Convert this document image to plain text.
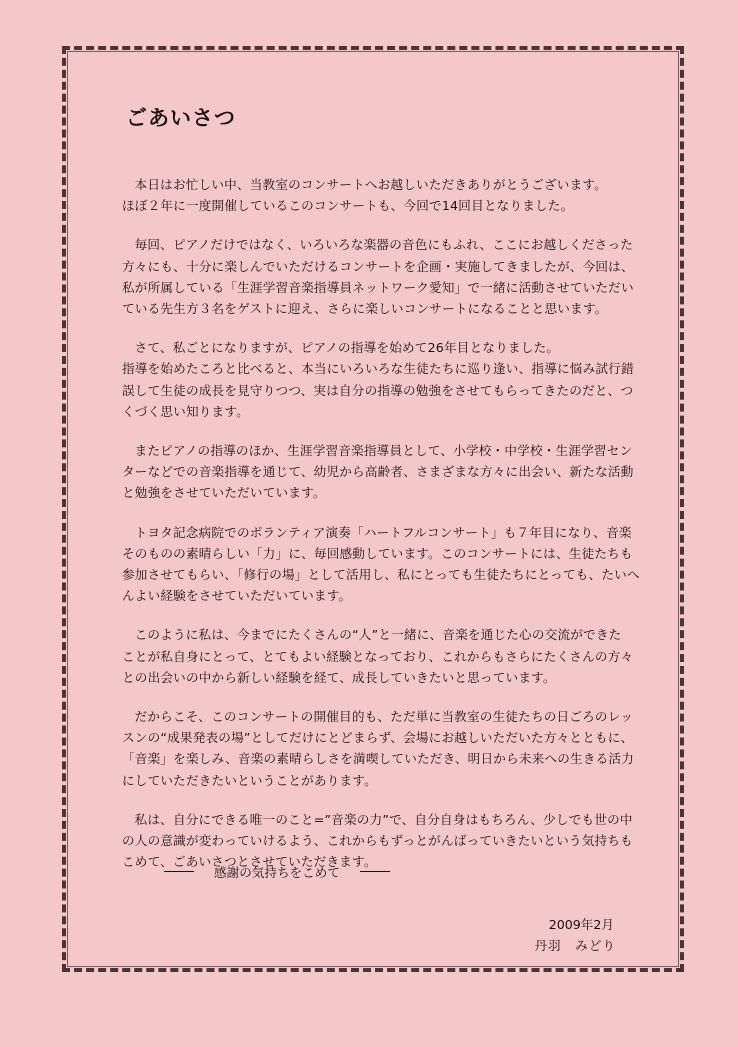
ごあいさつ

本日はお忙しい中、当教室のコンサートへお越しいただきありがとうございます。
ほぼ２年に一度開催しているこのコンサートも、今回で14回目となりました。

毎回、ピアノだけではなく、いろいろな楽器の音色にもふれ、ここにお越しくださった
方々にも、十分に楽しんでいただけるコンサートを企画・実施してきましたが、今回は、
私が所属している「生涯学習音楽指導員ネットワーク愛知」で一緒に活動させていただい
ている先生方３名をゲストに迎え、さらに楽しいコンサートになることと思います。

さて、私ごとになりますが、ピアノの指導を始めて26年目となりました。
指導を始めたころと比べると、本当にいろいろな生徒たちに巡り逢い、指導に悩み試行錯
誤して生徒の成長を見守りつつ、実は自分の指導の勉強をさせてもらってきたのだと、つ
くづく思い知ります。

またピアノの指導のほか、生涯学習音楽指導員として、小学校・中学校・生涯学習セン
ターなどでの音楽指導を通じて、幼児から高齢者、さまざまな方々に出会い、新たな活動
と勉強をさせていただいています。

トヨタ記念病院でのボランティア演奏「ハートフルコンサート」も７年目になり、音楽
そのものの素晴らしい「力」に、毎回感動しています。このコンサートには、生徒たちも
参加させてもらい、「修行の場」として活用し、私にとっても生徒たちにとっても、たいへ
んよい経験をさせていただいています。

このように私は、今までにたくさんの“人”と一緒に、音楽を通じた心の交流ができた
ことが私自身にとって、とてもよい経験となっており、これからもさらにたくさんの方々
との出会いの中から新しい経験を経て、成長していきたいと思っています。

だからこそ、このコンサートの開催目的も、ただ単に当教室の生徒たちの日ごろのレッ
スンの“成果発表の場”としてだけにとどまらず、会場にお越しいただいた方々とともに、
「音楽」を楽しみ、音楽の素晴らしさを満喫していただき、明日から未来への生きる活力
にしていただきたいということがあります。

私は、自分にできる唯一のこと=”音楽の力”で、自分自身はもちろん、少しでも世の中
の人の意識が変わっていけるよう、これからもずっとがんばっていきたいという気持ちも
こめて、ごあいさつとさせていただきます。

感謝の気持ちをこめて
2009年2月
丹羽　みどり
